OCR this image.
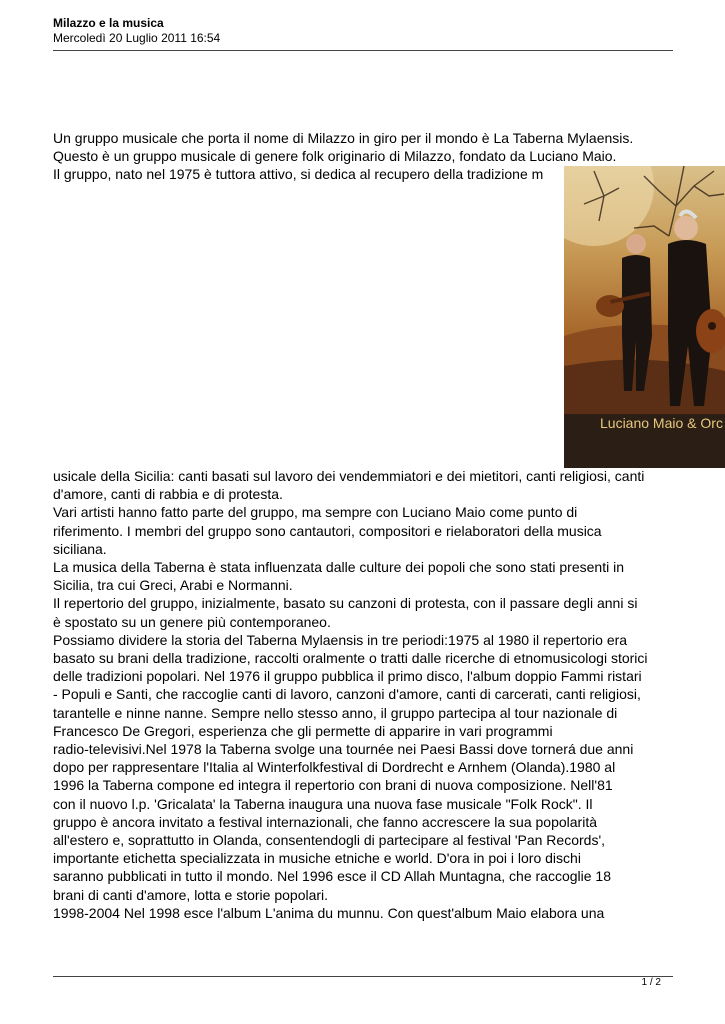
Milazzo e la musica
Mercoledì 20 Luglio 2011 16:54
Un gruppo musicale che porta il nome di Milazzo in giro per il mondo è La Taberna Mylaensis.
Questo è un gruppo musicale di genere folk originario di Milazzo, fondato da Luciano Maio.
Il gruppo, nato nel 1975 è tuttora attivo, si dedica al recupero della tradizione m
Luciano Maio & Orc
usicale della Sicilia: canti basati sul lavoro dei vendemmiatori e dei mietitori, canti religiosi, canti
d'amore, canti di rabbia e di protesta.
Vari artisti hanno fatto parte del gruppo, ma sempre con Luciano Maio come punto di
riferimento. I membri del gruppo sono cantautori, compositori e rielaboratori della musica
siciliana.
La musica della Taberna è stata influenzata dalle culture dei popoli che sono stati presenti in
Sicilia, tra cui Greci, Arabi e Normanni.
Il repertorio del gruppo, inizialmente, basato su canzoni di protesta, con il passare degli anni si
è spostato su un genere più contemporaneo.
Possiamo dividere la storia del Taberna Mylaensis in tre periodi:1975 al 1980 il repertorio era
basato su brani della tradizione, raccolti oralmente o tratti dalle ricerche di etnomusicologi storici
delle tradizioni popolari. Nel 1976 il gruppo pubblica il primo disco, l'album doppio Fammi ristari
- Populi e Santi, che raccoglie canti di lavoro, canzoni d'amore, canti di carcerati, canti religiosi,
tarantelle e ninne nanne. Sempre nello stesso anno, il gruppo partecipa al tour nazionale di
Francesco De Gregori, esperienza che gli permette di apparire in vari programmi
radio-televisivi.Nel 1978 la Taberna svolge una tournée nei Paesi Bassi dove tornerá due anni
dopo per rappresentare l'Italia al Winterfolkfestival di Dordrecht e Arnhem (Olanda).1980 al
1996 la Taberna compone ed integra il repertorio con brani di nuova composizione. Nell'81
con il nuovo l.p. 'Gricalata' la Taberna inaugura una nuova fase musicale "Folk Rock". Il
gruppo è ancora invitato a festival internazionali, che fanno accrescere la sua popolarità
all'estero e, soprattutto in Olanda, consentendogli di partecipare al festival 'Pan Records',
importante etichetta specializzata in musiche etniche e world. D'ora in poi i loro dischi
saranno pubblicati in tutto il mondo. Nel 1996 esce il CD Allah Muntagna, che raccoglie 18
brani di canti d'amore, lotta e storie popolari.
1998-2004 Nel 1998 esce l'album L'anima du munnu. Con quest'album Maio elabora una
1 / 2
